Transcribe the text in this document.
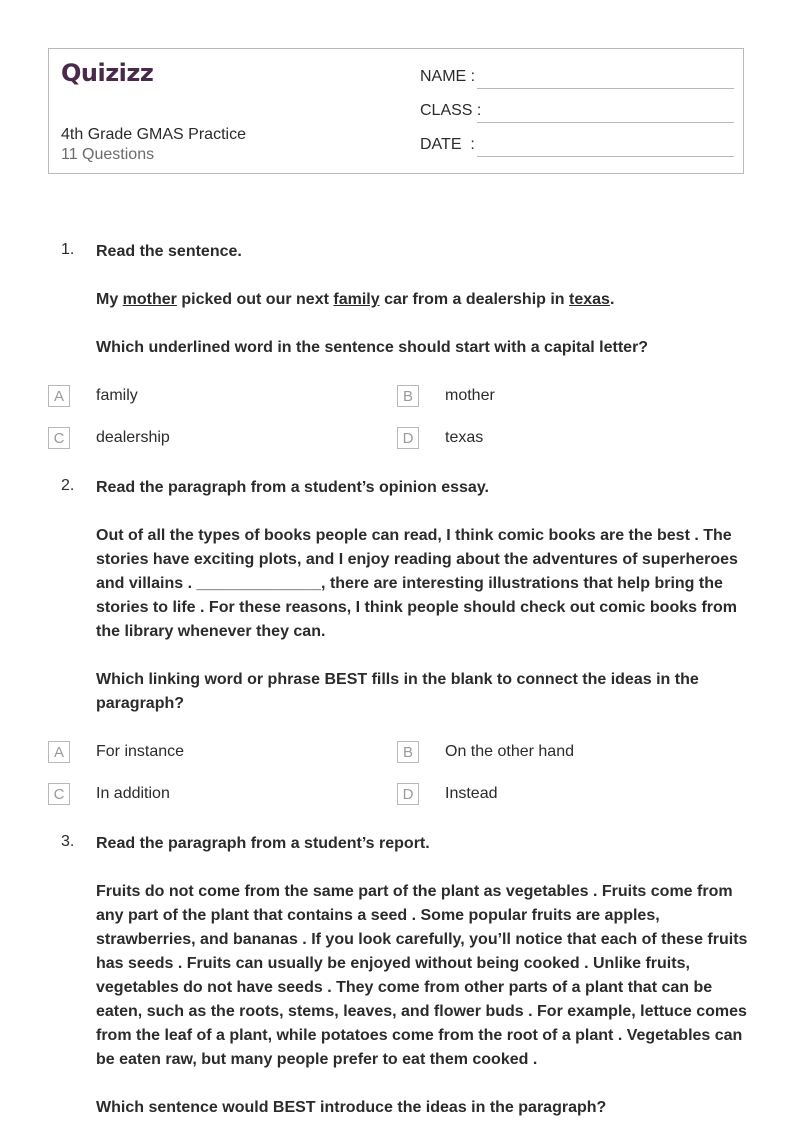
Quizizz
4th Grade GMAS Practice
11 Questions
NAME :
CLASS :
DATE  :
1. Read the sentence.

My mother picked out our next family car from a dealership in texas.

Which underlined word in the sentence should start with a capital letter?

A	family	B	mother
C	dealership	D	texas
2. Read the paragraph from a student’s opinion essay.

Out of all the types of books people can read, I think comic books are the best . The stories have exciting plots, and I enjoy reading about the adventures of superheroes and villains . ______________, there are interesting illustrations that help bring the stories to life . For these reasons, I think people should check out comic books from the library whenever they can.

Which linking word or phrase BEST fills in the blank to connect the ideas in the paragraph?

A	For instance	B	On the other hand
C	In addition	D	Instead
3. Read the paragraph from a student’s report.

Fruits do not come from the same part of the plant as vegetables . Fruits come from any part of the plant that contains a seed . Some popular fruits are apples, strawberries, and bananas . If you look carefully, you’ll notice that each of these fruits has seeds . Fruits can usually be enjoyed without being cooked . Unlike fruits, vegetables do not have seeds . They come from other parts of a plant that can be eaten, such as the roots, stems, leaves, and flower buds . For example, lettuce comes from the leaf of a plant, while potatoes come from the root of a plant . Vegetables can be eaten raw, but many people prefer to eat them cooked .

Which sentence would BEST introduce the ideas in the paragraph?
